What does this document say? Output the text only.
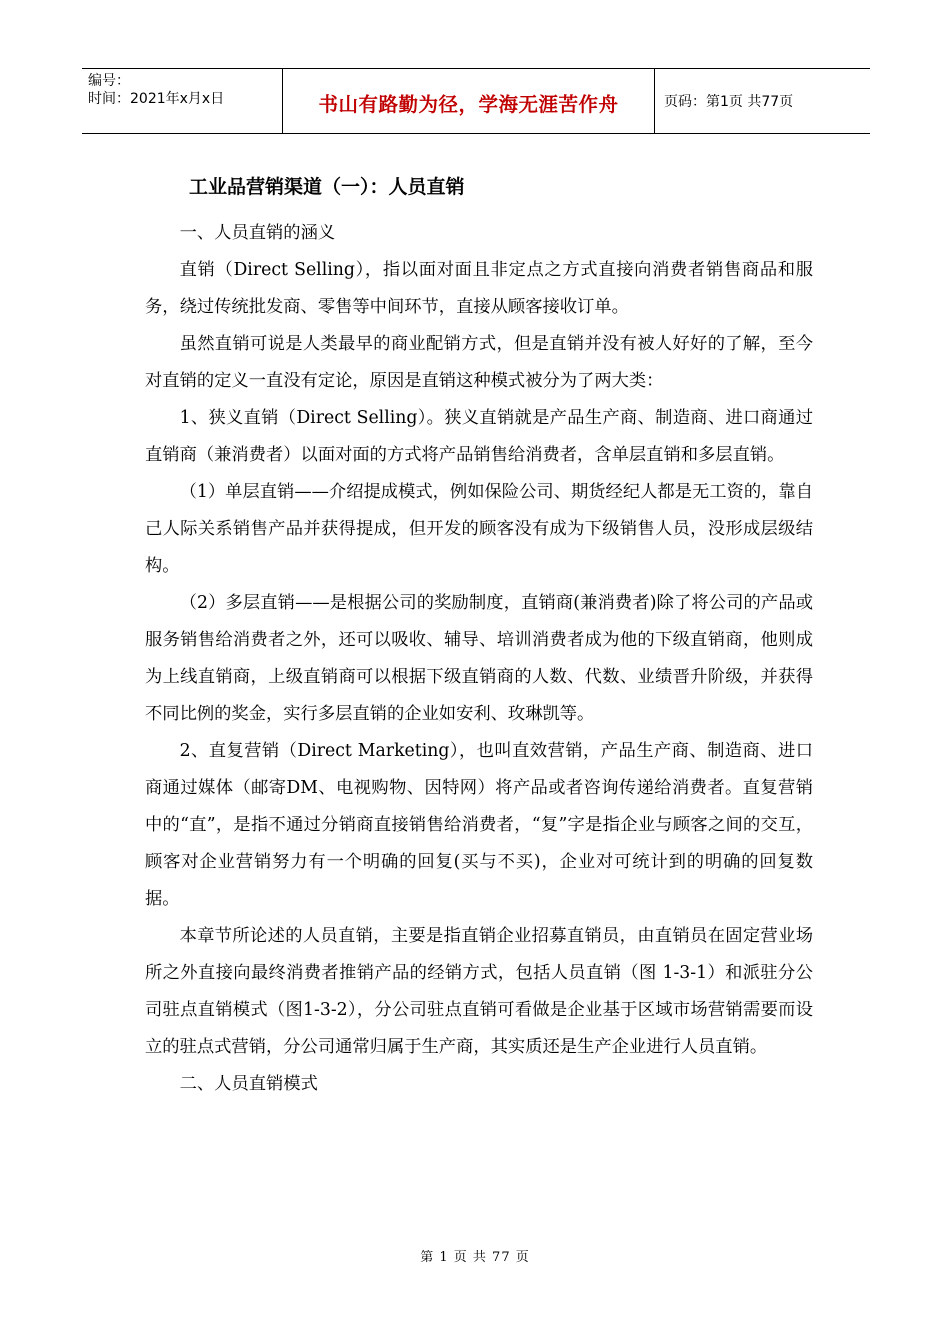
编号：
时间：2021年x月x日	书山有路勤为径，学海无涯苦作舟	页码：第1页 共77页
工业品营销渠道（一）：人员直销

一、人员直销的涵义

直销（Direct Selling），指以面对面且非定点之方式直接向消费者销售商品和服务，绕过传统批发商、零售等中间环节，直接从顾客接收订单。

虽然直销可说是人类最早的商业配销方式，但是直销并没有被人好好的了解，至今对直销的定义一直没有定论，原因是直销这种模式被分为了两大类：

1、狭义直销（Direct Selling）。狭义直销就是产品生产商、制造商、进口商通过直销商（兼消费者）以面对面的方式将产品销售给消费者，含单层直销和多层直销。

（1）单层直销——介绍提成模式，例如保险公司、期货经纪人都是无工资的，靠自己人际关系销售产品并获得提成，但开发的顾客没有成为下级销售人员，没形成层级结构。

（2）多层直销——是根据公司的奖励制度，直销商(兼消费者)除了将公司的产品或服务销售给消费者之外，还可以吸收、辅导、培训消费者成为他的下级直销商，他则成为上线直销商，上级直销商可以根据下级直销商的人数、代数、业绩晋升阶级，并获得不同比例的奖金，实行多层直销的企业如安利、玫琳凯等。

2、直复营销（Direct Marketing），也叫直效营销，产品生产商、制造商、进口商通过媒体（邮寄DM、电视购物、因特网）将产品或者咨询传递给消费者。直复营销中的“直”，是指不通过分销商直接销售给消费者，“复”字是指企业与顾客之间的交互，顾客对企业营销努力有一个明确的回复(买与不买)，企业对可统计到的明确的回复数据。

本章节所论述的人员直销，主要是指直销企业招募直销员，由直销员在固定营业场所之外直接向最终消费者推销产品的经销方式，包括人员直销（图 1-3-1）和派驻分公司驻点直销模式（图1-3-2），分公司驻点直销可看做是企业基于区域市场营销需要而设立的驻点式营销，分公司通常归属于生产商，其实质还是生产企业进行人员直销。

二、人员直销模式

第 1 页 共 77 页
